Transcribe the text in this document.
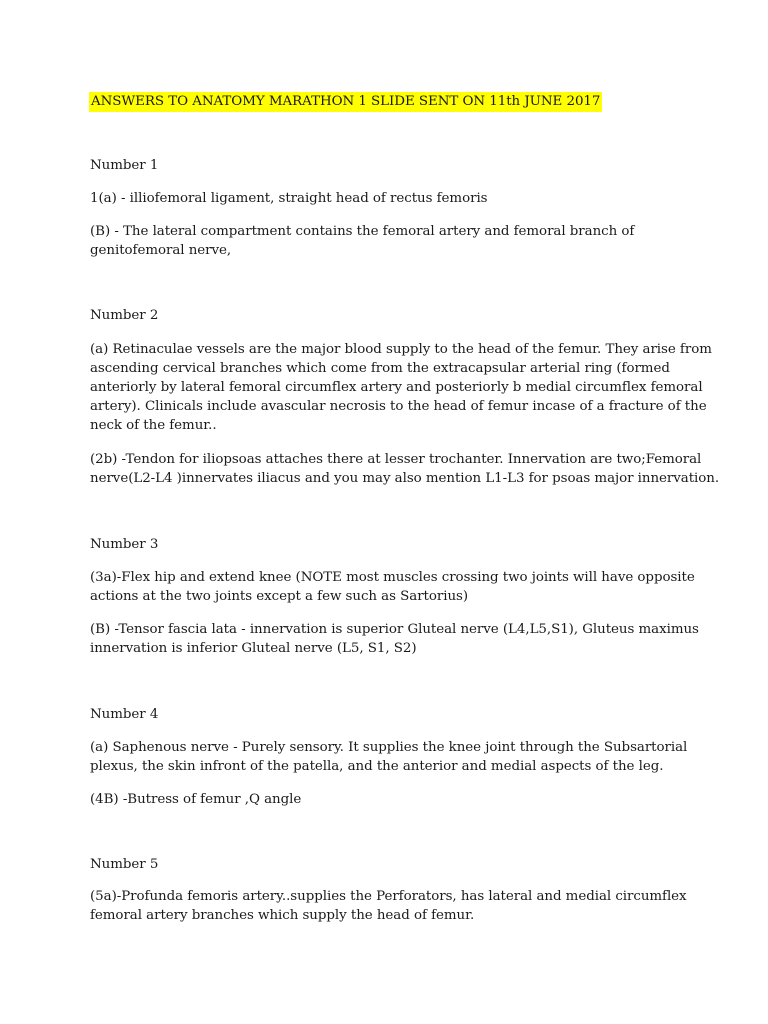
ANSWERS TO ANATOMY MARATHON 1 SLIDE SENT ON 11th JUNE 2017
Number 1
1(a) - illiofemoral ligament, straight head of rectus femoris
(B) - The lateral compartment contains the femoral artery and femoral branch of
genitofemoral nerve,
Number 2
(a) Retinaculae vessels are the major blood supply to the head of the femur. They arise from
ascending cervical branches which come from the extracapsular arterial ring (formed
anteriorly by lateral femoral circumflex artery and posteriorly b medial circumflex femoral
artery). Clinicals include avascular necrosis to the head of femur incase of a fracture of the
neck of the femur..
(2b) -Tendon for iliopsoas attaches there at lesser trochanter. Innervation are two;Femoral
nerve(L2-L4 )innervates iliacus and you may also mention L1-L3 for psoas major innervation.
Number 3
(3a)-Flex hip and extend knee (NOTE most muscles crossing two joints will have opposite
actions at the two joints except a few such as Sartorius)
(B) -Tensor fascia lata - innervation is superior Gluteal nerve (L4,L5,S1), Gluteus maximus
innervation is inferior Gluteal nerve (L5, S1, S2)
Number 4
(a) Saphenous nerve - Purely sensory. It supplies the knee joint through the Subsartorial
plexus, the skin infront of the patella, and the anterior and medial aspects of the leg.
(4B) -Butress of femur ,Q angle
Number 5
(5a)-Profunda femoris artery..supplies the Perforators, has lateral and medial circumflex
femoral artery branches which supply the head of femur.
